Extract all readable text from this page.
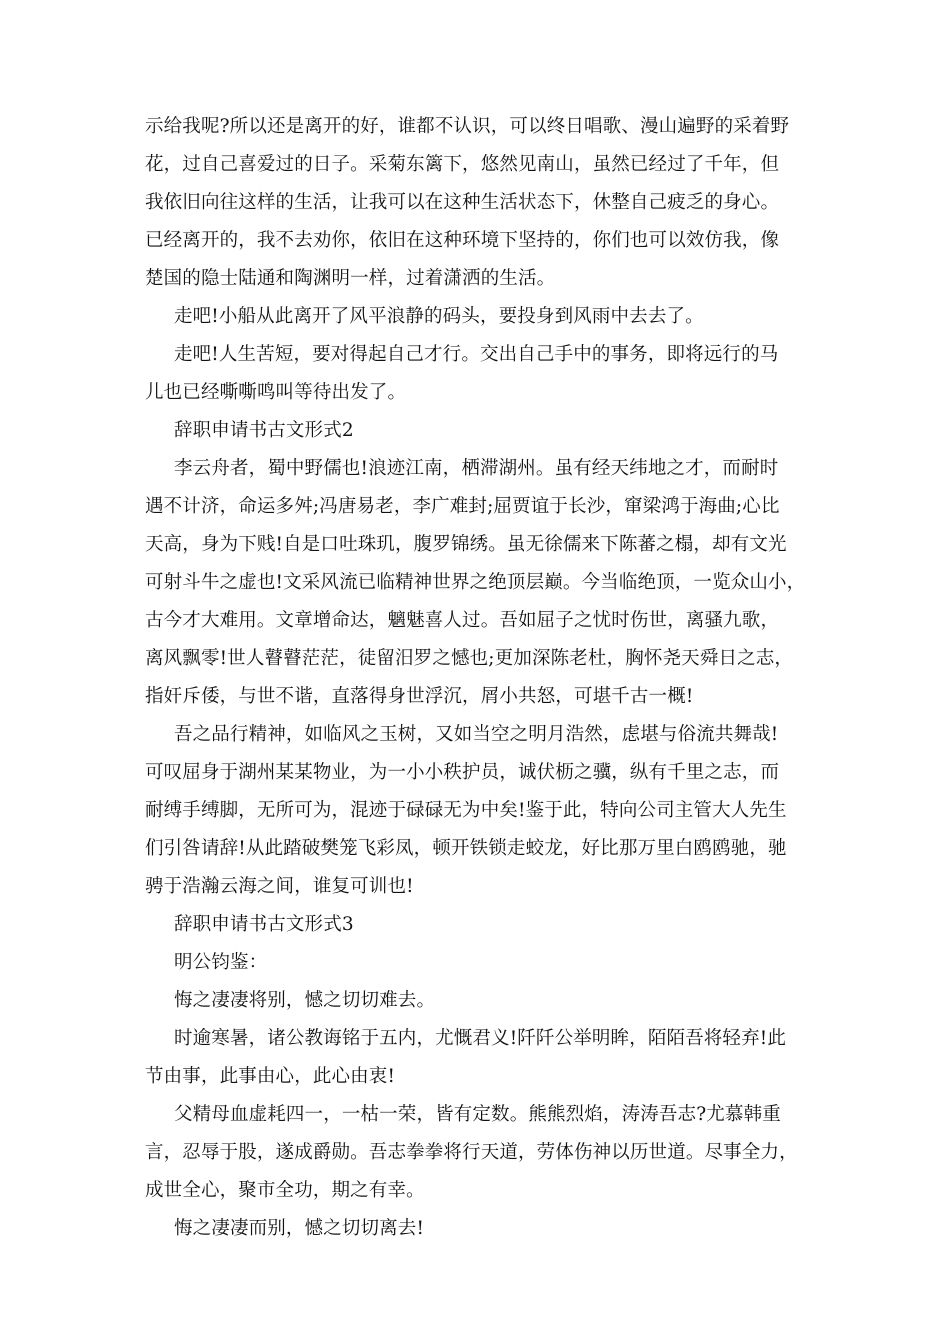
示给我呢?所以还是离开的好，谁都不认识，可以终日唱歌、漫山遍野的采着野
花，过自己喜爱过的日子。采菊东篱下，悠然见南山，虽然已经过了千年，但
我依旧向往这样的生活，让我可以在这种生活状态下，休整自己疲乏的身心。
已经离开的，我不去劝你，依旧在这种环境下坚持的，你们也可以效仿我，像
楚国的隐士陆通和陶渊明一样，过着潇洒的生活。
走吧!小船从此离开了风平浪静的码头，要投身到风雨中去去了。
走吧!人生苦短，要对得起自己才行。交出自己手中的事务，即将远行的马
儿也已经嘶嘶鸣叫等待出发了。
辞职申请书古文形式2
李云舟者，蜀中野儒也!浪迹江南，栖滞湖州。虽有经天纬地之才，而耐时
遇不计济，命运多舛;冯唐易老，李广难封;屈贾谊于长沙，窜梁鸿于海曲;心比
天高，身为下贱!自是口吐珠玑，腹罗锦绣。虽无徐儒来下陈蕃之榻，却有文光
可射斗牛之虚也!文采风流已临精神世界之绝顶层巅。今当临绝顶，一览众山小，
古今才大难用。文章增命达，魑魅喜人过。吾如屈子之忧时伤世，离骚九歌，
离风飘零!世人瞽瞽茫茫，徒留汨罗之憾也;更加深陈老杜，胸怀尧天舜日之志，
指奸斥倭，与世不谐，直落得身世浮沉，屑小共怒，可堪千古一概!
吾之品行精神，如临风之玉树，又如当空之明月浩然，虑堪与俗流共舞哉!
可叹屈身于湖州某某物业，为一小小秩护员，诚伏枥之骥，纵有千里之志，而
耐缚手缚脚，无所可为，混迹于碌碌无为中矣!鉴于此，特向公司主管大人先生
们引咎请辞!从此踏破樊笼飞彩凤，顿开铁锁走蛟龙，好比那万里白鸥鸥驰，驰
骋于浩瀚云海之间，谁复可训也!
辞职申请书古文形式3
明公钧鉴：
悔之凄凄将别，憾之切切难去。
时逾寒暑，诸公教诲铭于五内，尤慨君义!阡阡公举明眸，陌陌吾将轻弃!此
节由事，此事由心，此心由衷!
父精母血虚耗四一，一枯一荣，皆有定数。熊熊烈焰，涛涛吾志?尤慕韩重
言，忍辱于股，遂成爵勋。吾志拳拳将行天道，劳体伤神以历世道。尽事全力，
成世全心，聚市全功，期之有幸。
悔之凄凄而别，憾之切切离去!
